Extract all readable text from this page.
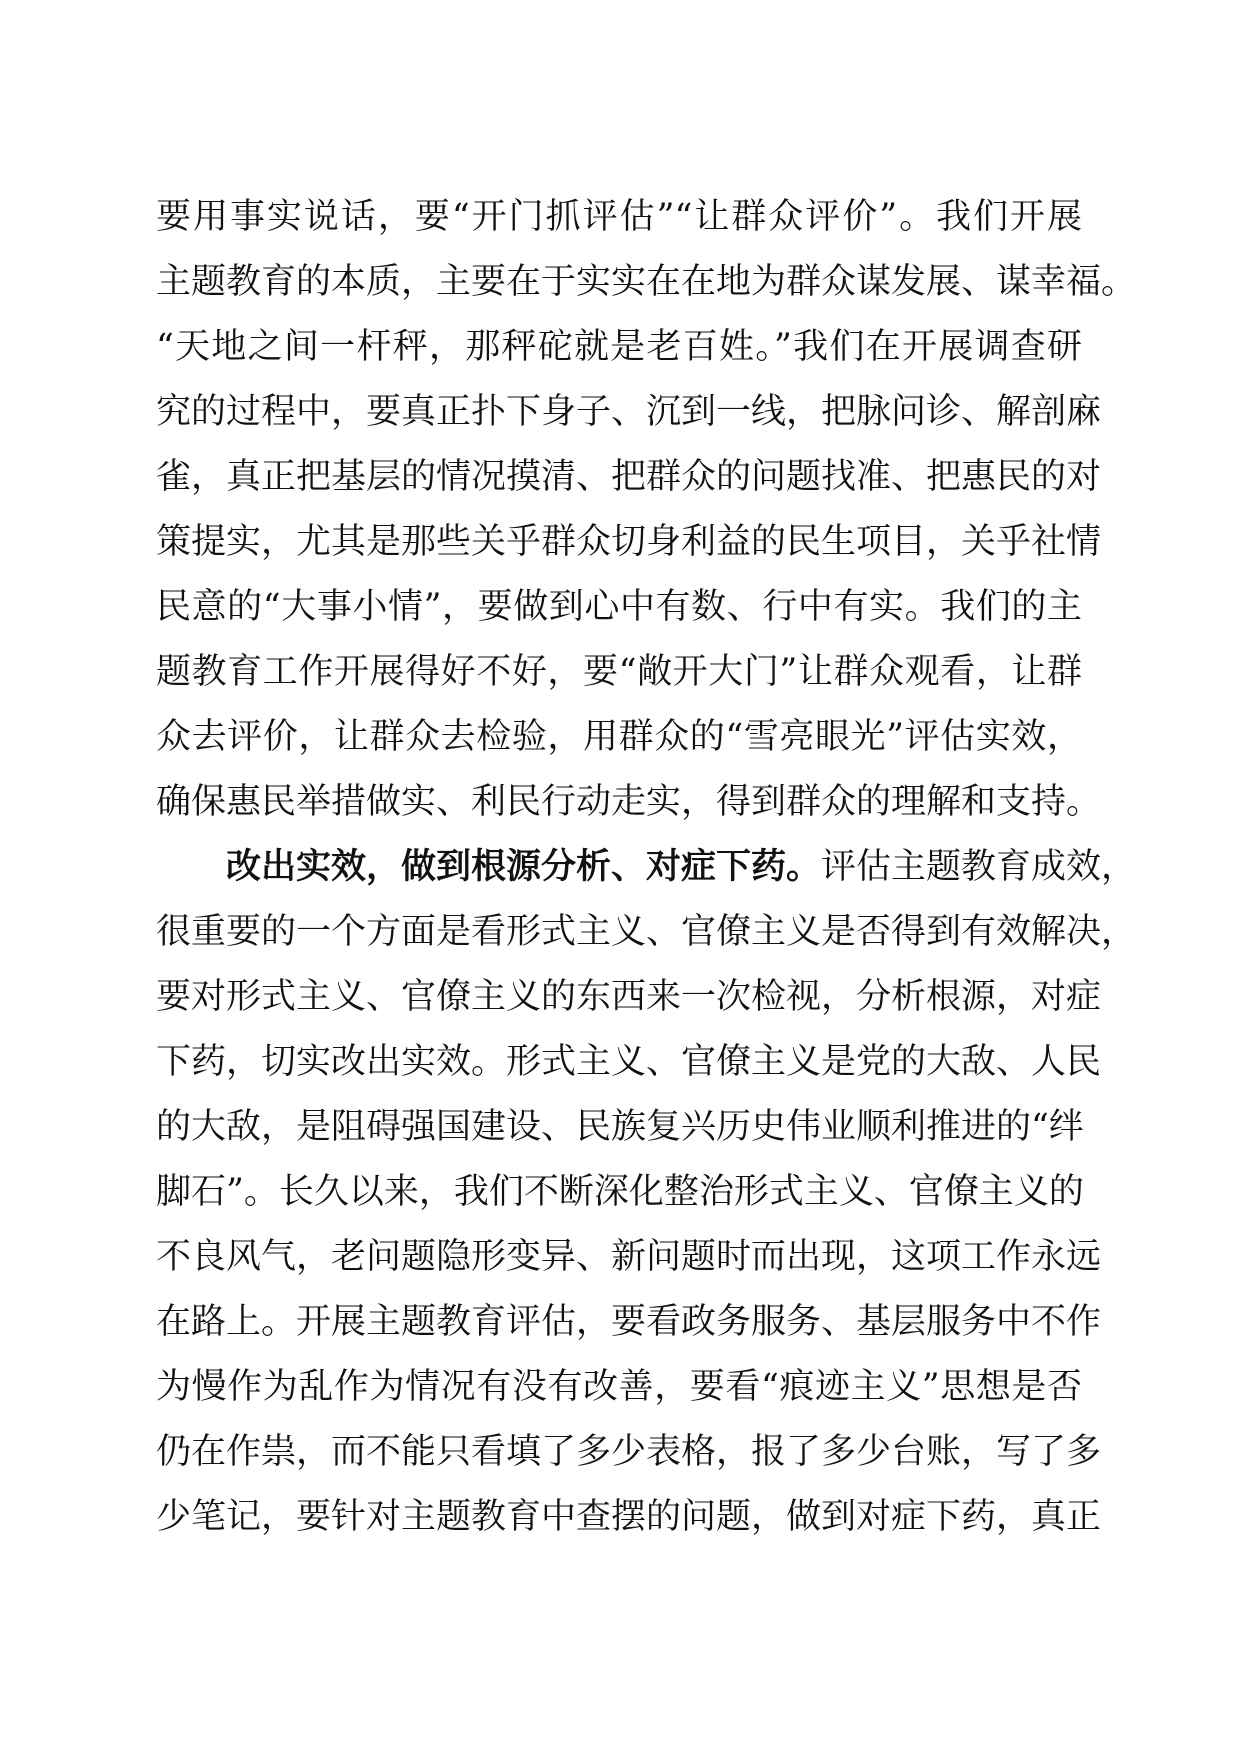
要用事实说话，要“开门抓评估”“让群众评价”。我们开展
主题教育的本质，主要在于实实在在地为群众谋发展、谋幸福。
“天地之间一杆秤，那秤砣就是老百姓。”我们在开展调查研
究的过程中，要真正扑下身子、沉到一线，把脉问诊、解剖麻
雀，真正把基层的情况摸清、把群众的问题找准、把惠民的对
策提实，尤其是那些关乎群众切身利益的民生项目，关乎社情
民意的“大事小情”，要做到心中有数、行中有实。我们的主
题教育工作开展得好不好，要“敞开大门”让群众观看，让群
众去评价，让群众去检验，用群众的“雪亮眼光”评估实效，
确保惠民举措做实、利民行动走实，得到群众的理解和支持。
改出实效，做到根源分析、对症下药。评估主题教育成效，
很重要的一个方面是看形式主义、官僚主义是否得到有效解决，
要对形式主义、官僚主义的东西来一次检视，分析根源，对症
下药，切实改出实效。形式主义、官僚主义是党的大敌、人民
的大敌，是阻碍强国建设、民族复兴历史伟业顺利推进的“绊
脚石”。长久以来，我们不断深化整治形式主义、官僚主义的
不良风气，老问题隐形变异、新问题时而出现，这项工作永远
在路上。开展主题教育评估，要看政务服务、基层服务中不作
为慢作为乱作为情况有没有改善，要看“痕迹主义”思想是否
仍在作祟，而不能只看填了多少表格，报了多少台账，写了多
少笔记，要针对主题教育中查摆的问题，做到对症下药，真正
